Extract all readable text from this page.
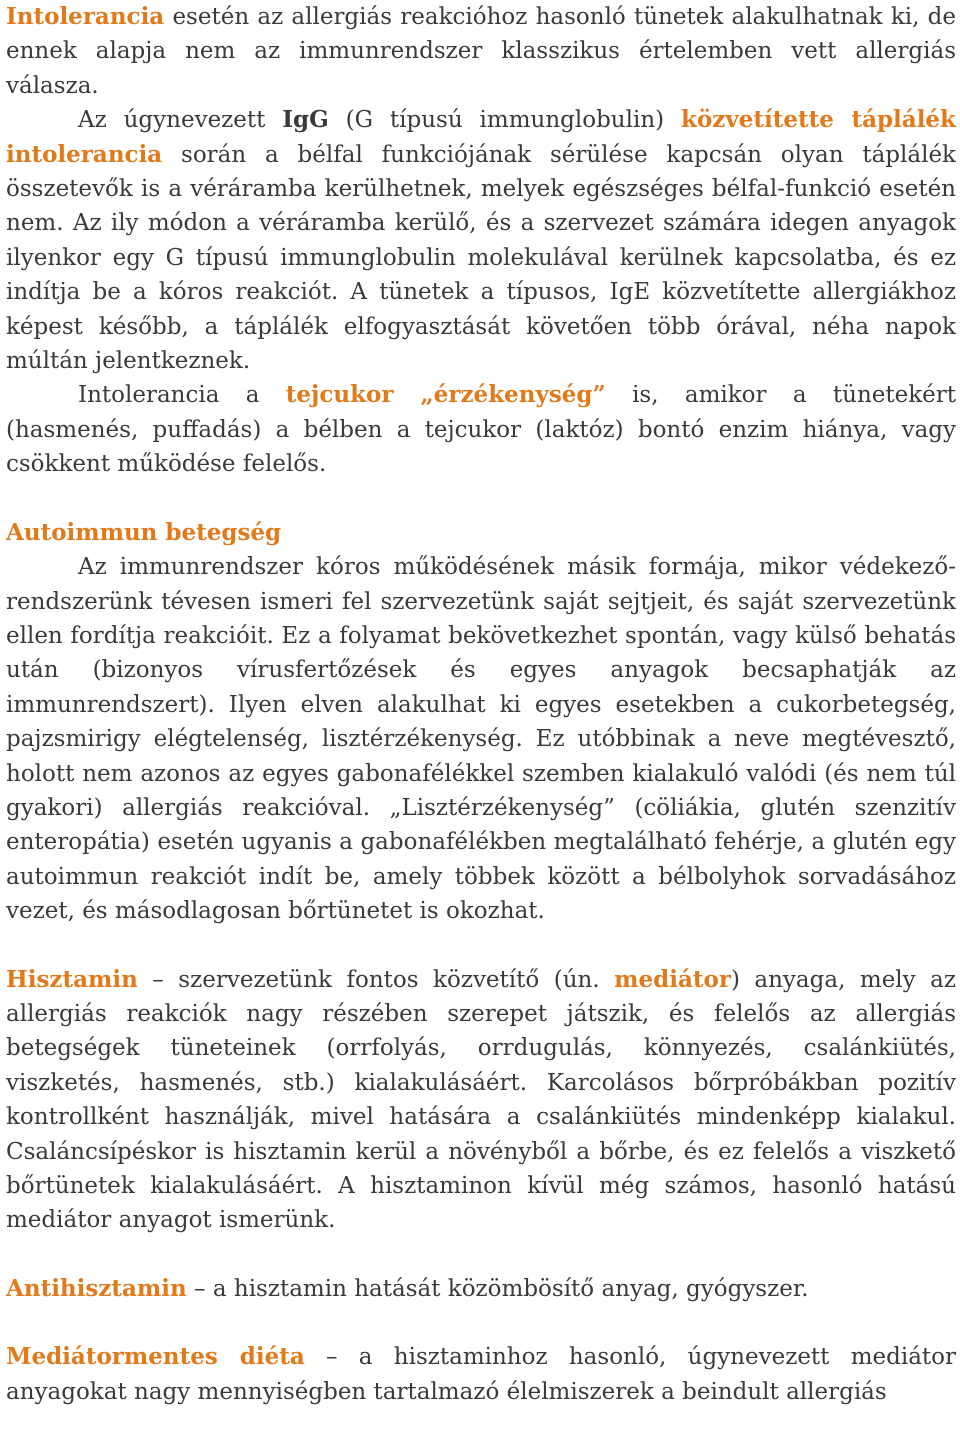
Intolerancia esetén az allergiás reakcióhoz hasonló tünetek alakulhatnak ki, de ennek alapja nem az immunrendszer klasszikus értelemben vett allergiás válasza.

Az úgynevezett IgG (G típusú immunglobulin) közvetítette táplálék intolerancia során a bélfal funkciójának sérülése kapcsán olyan táplálék összetevők is a véráramba kerülhetnek, melyek egészséges bélfal-funkció esetén nem. Az ily módon a véráramba kerülő, és a szervezet számára idegen anyagok ilyenkor egy G típusú immunglobulin molekulával kerülnek kapcsolatba, és ez indítja be a kóros reakciót. A tünetek a típusos, IgE közvetítette allergiákhoz képest később, a táplálék elfogyasztását követően több órával, néha napok múltán jelentkeznek.

Intolerancia a tejcukor „érzékenység” is, amikor a tünetekért (hasmenés, puffadás) a bélben a tejcukor (laktóz) bontó enzim hiánya, vagy csökkent működése felelős.

Autoimmun betegség

Az immunrendszer kóros működésének másik formája, mikor védekező-rendszerünk tévesen ismeri fel szervezetünk saját sejtjeit, és saját szervezetünk ellen fordítja reakcióit. Ez a folyamat bekövetkezhet spontán, vagy külső behatás után (bizonyos vírusfertőzések és egyes anyagok becsaphatják az immunrendszert). Ilyen elven alakulhat ki egyes esetekben a cukorbetegség, pajzsmirigy elégtelenség, lisztérzékenység. Ez utóbbinak a neve megtévesztő, holott nem azonos az egyes gabonafélékkel szemben kialakuló valódi (és nem túl gyakori) allergiás reakcióval. „Lisztérzékenység” (cöliákia, glutén szenzitív enteropátia) esetén ugyanis a gabonafélékben megtalálható fehérje, a glutén egy autoimmun reakciót indít be, amely többek között a bélbolyhok sorvadásához vezet, és másodlagosan bőrtünetet is okozhat.

Hisztamin – szervezetünk fontos közvetítő (ún. mediátor) anyaga, mely az allergiás reakciók nagy részében szerepet játszik, és felelős az allergiás betegségek tüneteinek (orrfolyás, orrdugulás, könnyezés, csalánkiütés, viszketés, hasmenés, stb.) kialakulásáért. Karcolásos bőrpróbákban pozitív kontrollként használják, mivel hatására a csalánkiütés mindenképp kialakul. Csaláncsípéskor is hisztamin kerül a növényből a bőrbe, és ez felelős a viszkető bőrtünetek kialakulásáért. A hisztaminon kívül még számos, hasonló hatású mediátor anyagot ismerünk.

Antihisztamin – a hisztamin hatását közömbösítő anyag, gyógyszer.

Mediátormentes diéta – a hisztaminhoz hasonló, úgynevezett mediátor anyagokat nagy mennyiségben tartalmazó élelmiszerek a beindult allergiás
